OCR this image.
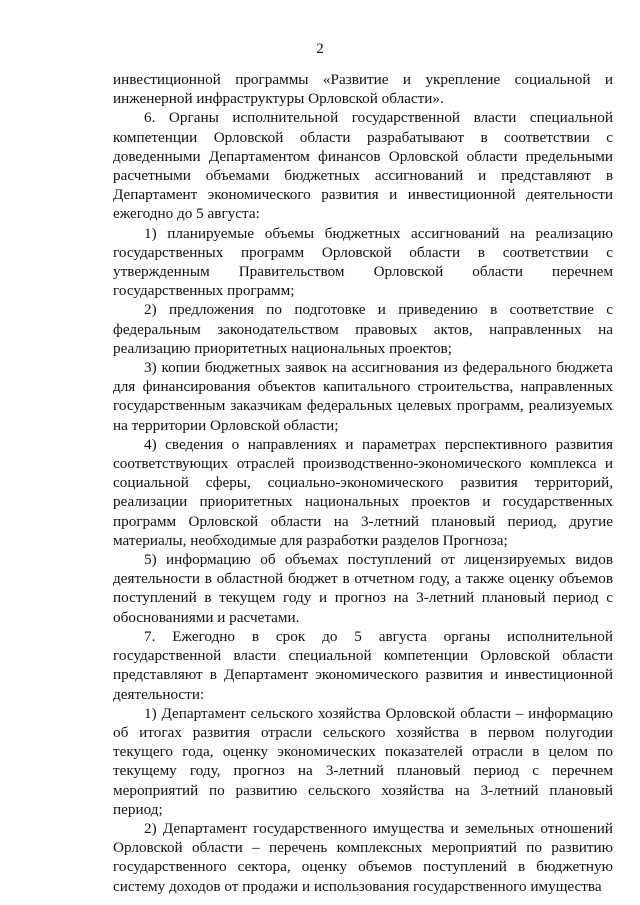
2

инвестиционной программы «Развитие и укрепление социальной и инженерной инфраструктуры Орловской области».

6. Органы исполнительной государственной власти специальной компетенции Орловской области разрабатывают в соответствии с доведенными Департаментом финансов Орловской области предельными расчетными объемами бюджетных ассигнований и представляют в Департамент экономического развития и инвестиционной деятельности ежегодно до 5 августа:

1) планируемые объемы бюджетных ассигнований на реализацию государственных программ Орловской области в соответствии с утвержденным Правительством Орловской области перечнем государственных программ;

2) предложения по подготовке и приведению в соответствие с федеральным законодательством правовых актов, направленных на реализацию приоритетных национальных проектов;

3) копии бюджетных заявок на ассигнования из федерального бюджета для финансирования объектов капитального строительства, направленных государственным заказчикам федеральных целевых программ, реализуемых на территории Орловской области;

4) сведения о направлениях и параметрах перспективного развития соответствующих отраслей производственно-экономического комплекса и социальной сферы, социально-экономического развития территорий, реализации приоритетных национальных проектов и государственных программ Орловской области на 3-летний плановый период, другие материалы, необходимые для разработки разделов Прогноза;

5) информацию об объемах поступлений от лицензируемых видов деятельности в областной бюджет в отчетном году, а также оценку объемов поступлений в текущем году и прогноз на 3-летний плановый период с обоснованиями и расчетами.

7. Ежегодно в срок до 5 августа органы исполнительной государственной власти специальной компетенции Орловской области представляют в Департамент экономического развития и инвестиционной деятельности:

1) Департамент сельского хозяйства Орловской области – информацию об итогах развития отрасли сельского хозяйства в первом полугодии текущего года, оценку экономических показателей отрасли в целом по текущему году, прогноз на 3-летний плановый период с перечнем мероприятий по развитию сельского хозяйства на 3-летний плановый период;

2) Департамент государственного имущества и земельных отношений Орловской области – перечень комплексных мероприятий по развитию государственного сектора, оценку объемов поступлений в бюджетную систему доходов от продажи и использования государственного имущества
